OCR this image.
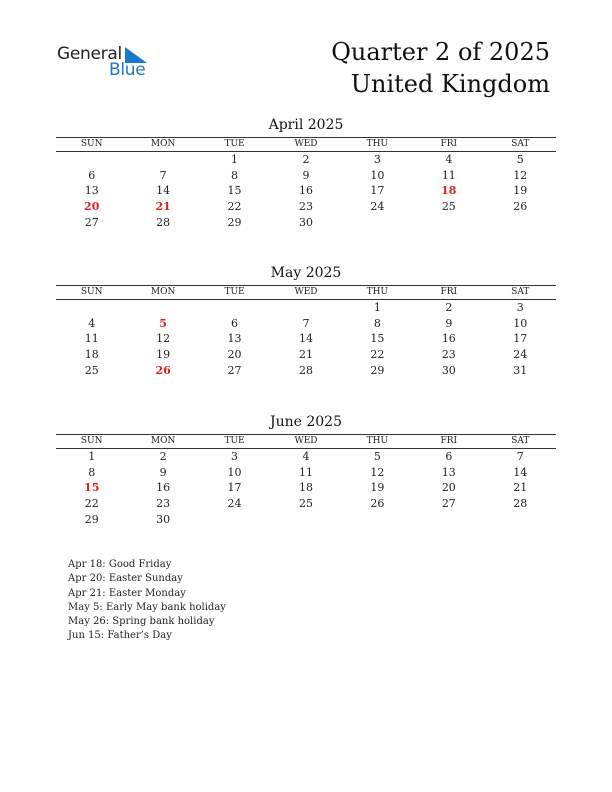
General
Blue
Quarter 2 of 2025
United Kingdom
April 2025
SUN	MON	TUE	WED	THU	FRI	SAT
		1	2	3	4	5
6	7	8	9	10	11	12
13	14	15	16	17	18	19
20	21	22	23	24	25	26
27	28	29	30			
May 2025
SUN	MON	TUE	WED	THU	FRI	SAT
				1	2	3
4	5	6	7	8	9	10
11	12	13	14	15	16	17
18	19	20	21	22	23	24
25	26	27	28	29	30	31
June 2025
SUN	MON	TUE	WED	THU	FRI	SAT
1	2	3	4	5	6	7
8	9	10	11	12	13	14
15	16	17	18	19	20	21
22	23	24	25	26	27	28
29	30					
Apr 18: Good Friday
Apr 20: Easter Sunday
Apr 21: Easter Monday
May 5: Early May bank holiday
May 26: Spring bank holiday
Jun 15: Father’s Day
